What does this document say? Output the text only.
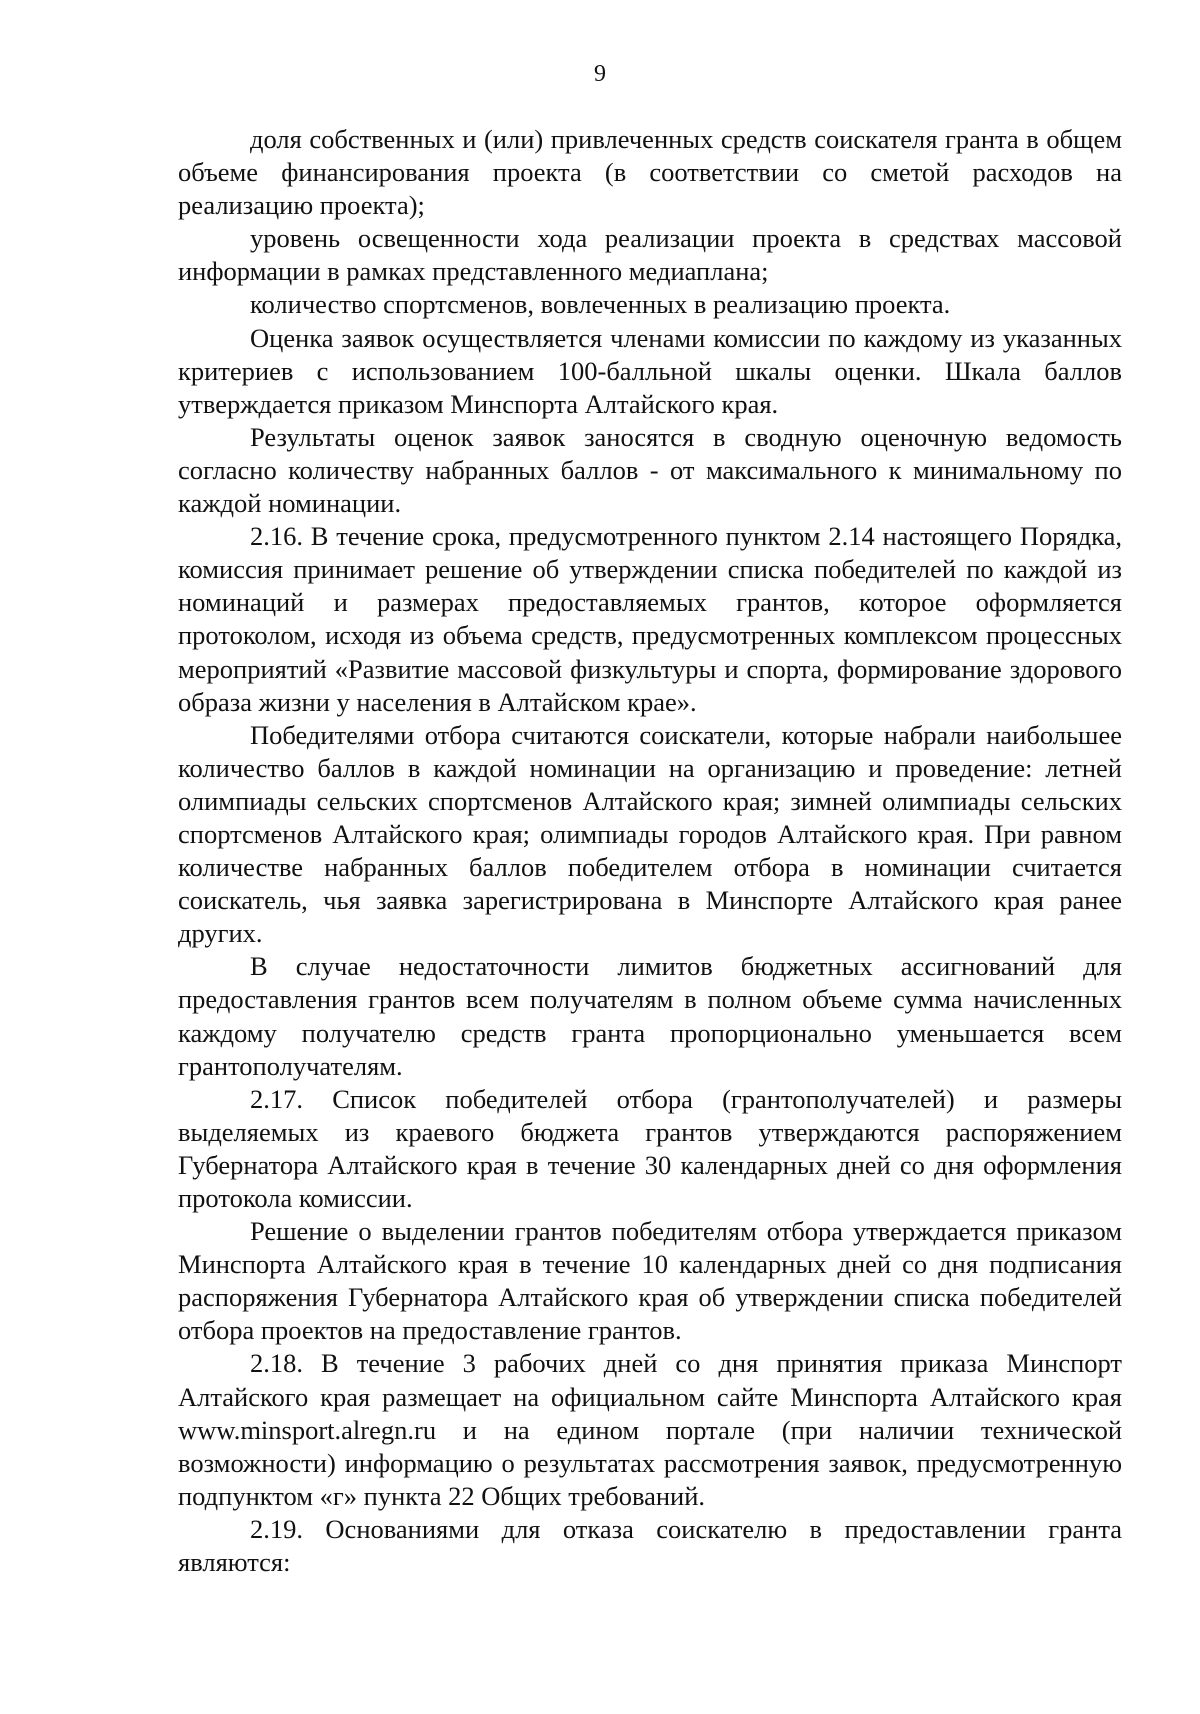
9

доля собственных и (или) привлеченных средств соискателя гранта в общем объеме финансирования проекта (в соответствии со сметой расходов на реализацию проекта);

уровень освещенности хода реализации проекта в средствах массовой информации в рамках представленного медиаплана;

количество спортсменов, вовлеченных в реализацию проекта.

Оценка заявок осуществляется членами комиссии по каждому из указанных критериев с использованием 100-балльной шкалы оценки. Шкала баллов утверждается приказом Минспорта Алтайского края.

Результаты оценок заявок заносятся в сводную оценочную ведомость согласно количеству набранных баллов - от максимального к минимальному по каждой номинации.

2.16. В течение срока, предусмотренного пунктом 2.14 настоящего Порядка, комиссия принимает решение об утверждении списка победителей по каждой из номинаций и размерах предоставляемых грантов, которое оформляется протоколом, исходя из объема средств, предусмотренных комплексом процессных мероприятий «Развитие массовой физкультуры и спорта, формирование здорового образа жизни у населения в Алтайском крае».

Победителями отбора считаются соискатели, которые набрали наибольшее количество баллов в каждой номинации на организацию и проведение: летней олимпиады сельских спортсменов Алтайского края; зимней олимпиады сельских спортсменов Алтайского края; олимпиады городов Алтайского края. При равном количестве набранных баллов победителем отбора в номинации считается соискатель, чья заявка зарегистрирована в Минспорте Алтайского края ранее других.

В случае недостаточности лимитов бюджетных ассигнований для предоставления грантов всем получателям в полном объеме сумма начисленных каждому получателю средств гранта пропорционально уменьшается всем грантополучателям.

2.17. Список победителей отбора (грантополучателей) и размеры выделяемых из краевого бюджета грантов утверждаются распоряжением Губернатора Алтайского края в течение 30 календарных дней со дня оформления протокола комиссии.

Решение о выделении грантов победителям отбора утверждается приказом Минспорта Алтайского края в течение 10 календарных дней со дня подписания распоряжения Губернатора Алтайского края об утверждении списка победителей отбора проектов на предоставление грантов.

2.18. В течение 3 рабочих дней со дня принятия приказа Минспорт Алтайского края размещает на официальном сайте Минспорта Алтайского края www.minsport.alregn.ru и на едином портале (при наличии технической возможности) информацию о результатах рассмотрения заявок, предусмотренную подпунктом «г» пункта 22 Общих требований.

2.19. Основаниями для отказа соискателю в предоставлении гранта являются:
